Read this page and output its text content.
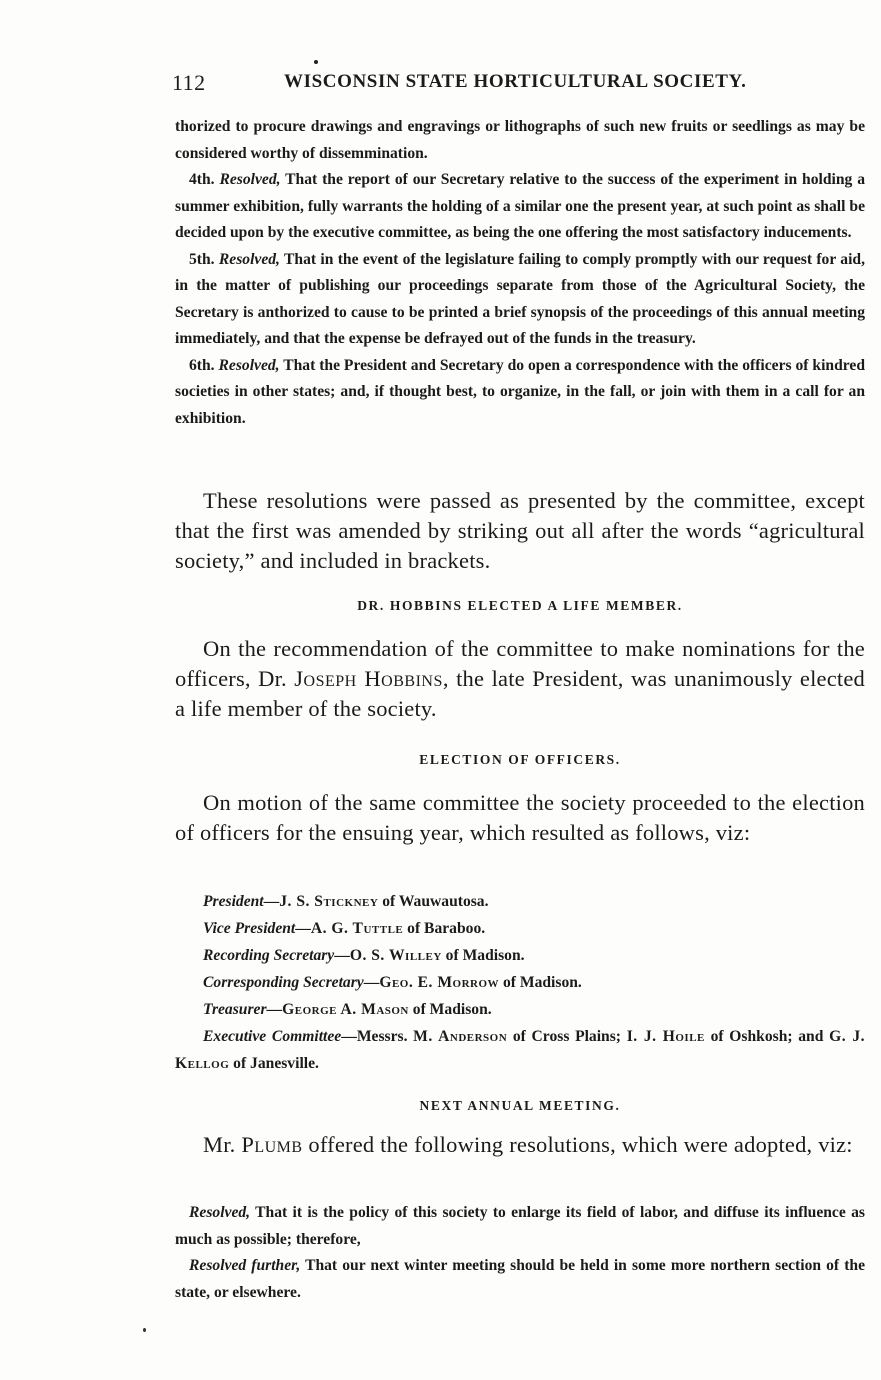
112	WISCONSIN STATE HORTICULTURAL SOCIETY.

thorized to procure drawings and engravings or lithographs of such new fruits or seedlings as may be considered worthy of dissemmination.

4th. Resolved, That the report of our Secretary relative to the success of the experiment in holding a summer exhibition, fully warrants the holding of a similar one the present year, at such point as shall be decided upon by the executive committee, as being the one offering the most satisfactory inducements.

5th. Resolved, That in the event of the legislature failing to comply promptly with our request for aid, in the matter of publishing our proceedings separate from those of the Agricultural Society, the Secretary is anthorized to cause to be printed a brief synopsis of the proceedings of this annual meeting immediately, and that the expense be defrayed out of the funds in the treasury.

6th. Resolved, That the President and Secretary do open a correspondence with the officers of kindred societies in other states; and, if thought best, to organize, in the fall, or join with them in a call for an exhibition.

These resolutions were passed as presented by the committee, except that the first was amended by striking out all after the words “agricultural society,” and included in brackets.

DR. HOBBINS ELECTED A LIFE MEMBER.

On the recommendation of the committee to make nominations for the officers, Dr. Joseph Hobbins, the late President, was unanimously elected a life member of the society.

ELECTION OF OFFICERS.

On motion of the same committee the society proceeded to the election of officers for the ensuing year, which resulted as follows, viz:

President—J. S. Stickney of Wauwautosa.

Vice President—A. G. Tuttle of Baraboo.

Recording Secretary—O. S. Willey of Madison.

Corresponding Secretary—Geo. E. Morrow of Madison.

Treasurer—George A. Mason of Madison.

Executive Committee—Messrs. M. Anderson of Cross Plains; I. J. Hoile of Oshkosh; and G. J. Kellog of Janesville.

NEXT ANNUAL MEETING.

Mr. Plumb offered the following resolutions, which were adopted, viz:

Resolved, That it is the policy of this society to enlarge its field of labor, and diffuse its influence as much as possible; therefore,

Resolved further, That our next winter meeting should be held in some more northern section of the state, or elsewhere.
